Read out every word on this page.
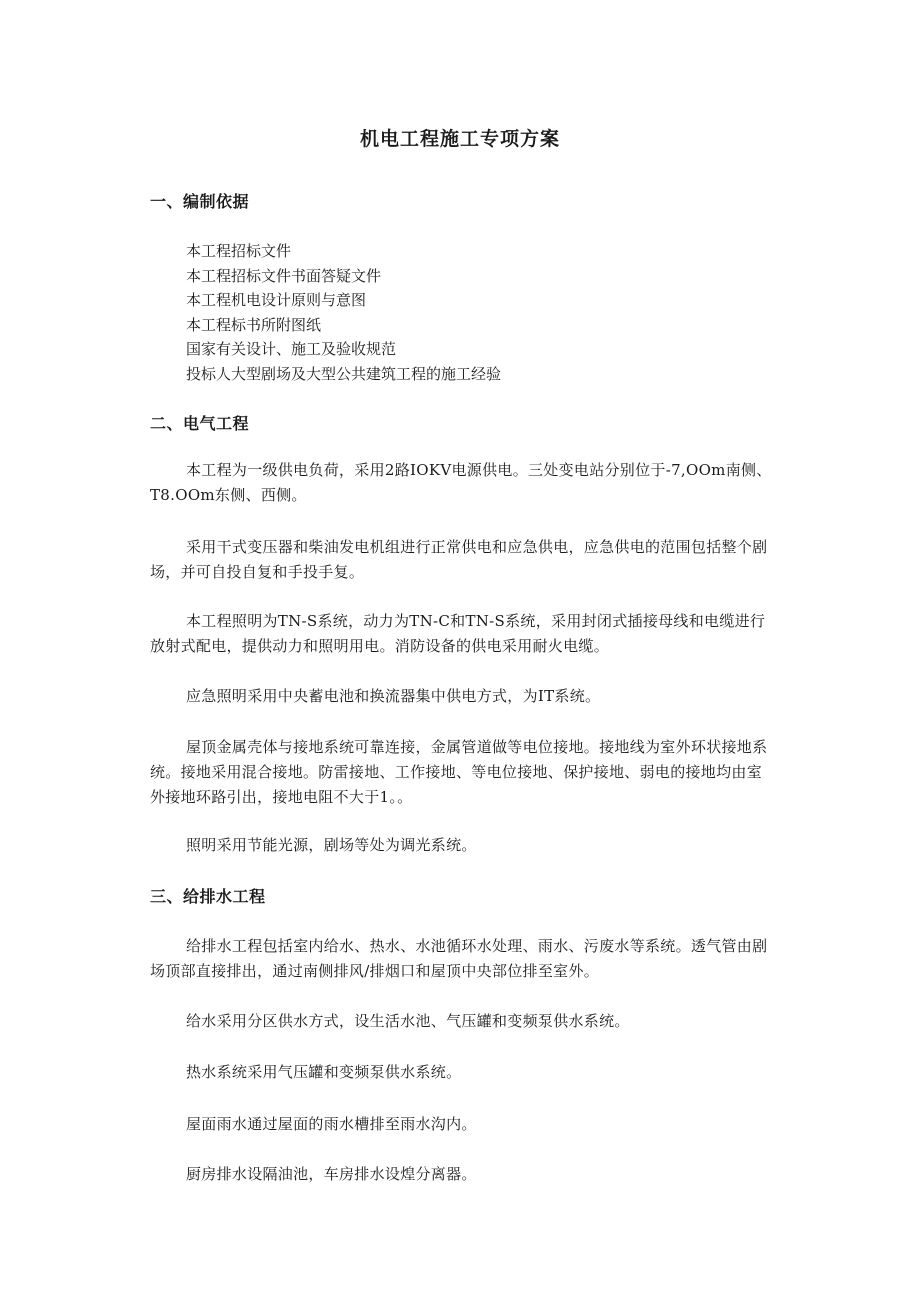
机电工程施工专项方案
一、编制依据
本工程招标文件
本工程招标文件书面答疑文件
本工程机电设计原则与意图
本工程标书所附图纸
国家有关设计、施工及验收规范
投标人大型剧场及大型公共建筑工程的施工经验
二、电气工程

本工程为一级供电负荷，采用2路IOKV电源供电。三处变电站分别位于-7,OOm南侧、T8.OOm东侧、西侧。

采用干式变压器和柴油发电机组进行正常供电和应急供电，应急供电的范围包括整个剧场，并可自投自复和手投手复。

本工程照明为TN-S系统，动力为TN-C和TN-S系统，采用封闭式插接母线和电缆进行放射式配电，提供动力和照明用电。消防设备的供电采用耐火电缆。

应急照明采用中央蓄电池和换流器集中供电方式，为IT系统。

屋顶金属壳体与接地系统可靠连接，金属管道做等电位接地。接地线为室外环状接地系统。接地采用混合接地。防雷接地、工作接地、等电位接地、保护接地、弱电的接地均由室外接地环路引出，接地电阻不大于1。。

照明采用节能光源，剧场等处为调光系统。

三、给排水工程

给排水工程包括室内给水、热水、水池循环水处理、雨水、污废水等系统。透气管由剧场顶部直接排出，通过南侧排风/排烟口和屋顶中央部位排至室外。

给水采用分区供水方式，设生活水池、气压罐和变频泵供水系统。

热水系统采用气压罐和变频泵供水系统。

屋面雨水通过屋面的雨水槽排至雨水沟内。

厨房排水设隔油池，车房排水设煌分离器。
